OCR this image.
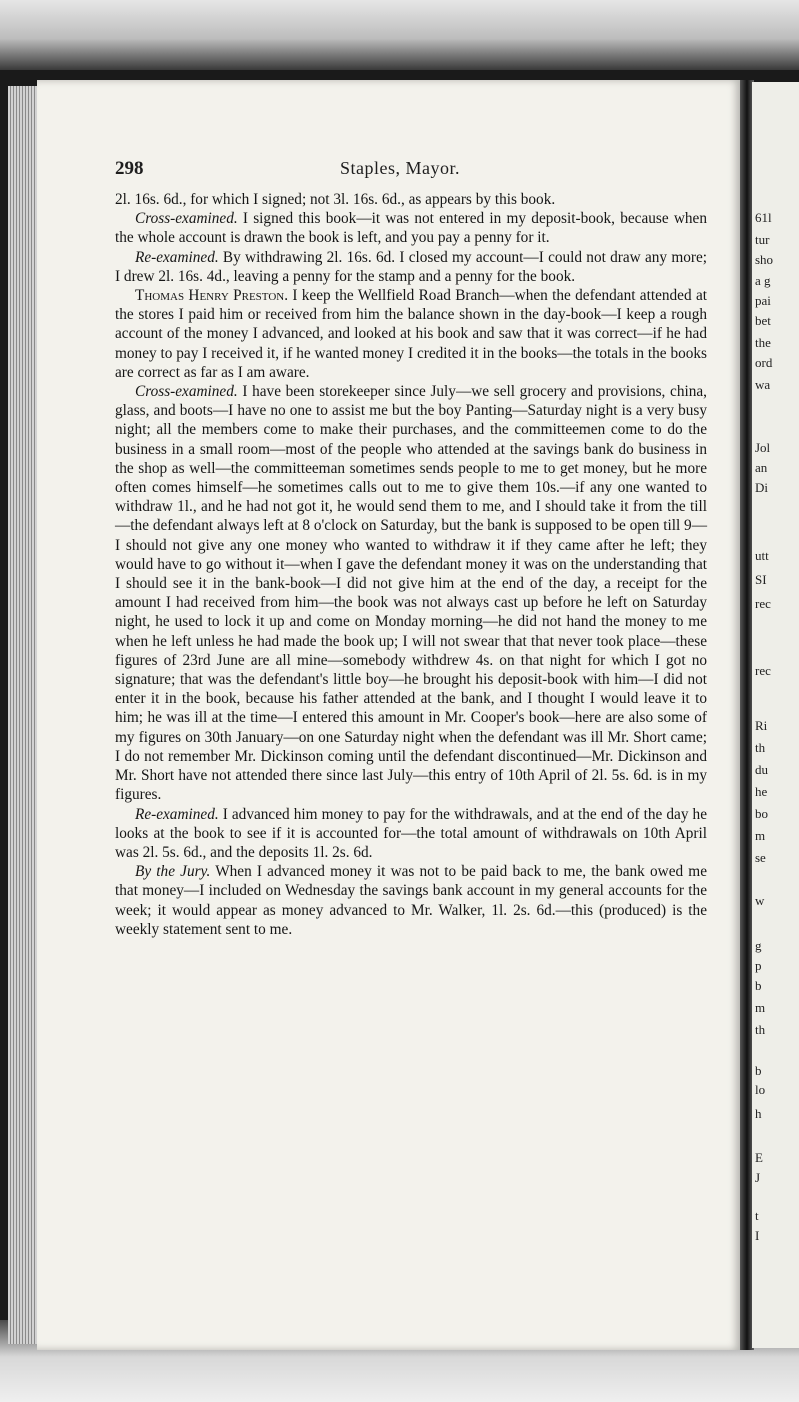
61l

tur

sho

a g

pai

bet

the

ord

wa

Jol

an

Di

utt

SI

rec

rec

Ri

th

du

he

bo

m

se

w

g

p

b

m

th

b

lo

h

E

J

t

I

298	Staples, Mayor.

2l. 16s. 6d., for which I signed; not 3l. 16s. 6d., as appears by this book.

Cross-examined. I signed this book—it was not entered in my deposit-book, because when the whole account is drawn the book is left, and you pay a penny for it.

Re-examined. By withdrawing 2l. 16s. 6d. I closed my account—I could not draw any more; I drew 2l. 16s. 4d., leaving a penny for the stamp and a penny for the book.

Thomas Henry Preston. I keep the Wellfield Road Branch—when the defendant attended at the stores I paid him or received from him the balance shown in the day-book—I keep a rough account of the money I advanced, and looked at his book and saw that it was correct—if he had money to pay I received it, if he wanted money I credited it in the books—the totals in the books are correct as far as I am aware.

Cross-examined. I have been storekeeper since July—we sell grocery and provisions, china, glass, and boots—I have no one to assist me but the boy Panting—Saturday night is a very busy night; all the members come to make their purchases, and the committeemen come to do the business in a small room—most of the people who attended at the savings bank do business in the shop as well—the committeeman sometimes sends people to me to get money, but he more often comes himself—he sometimes calls out to me to give them 10s.—if any one wanted to withdraw 1l., and he had not got it, he would send them to me, and I should take it from the till—the defendant always left at 8 o'clock on Saturday, but the bank is supposed to be open till 9—I should not give any one money who wanted to withdraw it if they came after he left; they would have to go without it—when I gave the defendant money it was on the understanding that I should see it in the bank-book—I did not give him at the end of the day, a receipt for the amount I had received from him—the book was not always cast up before he left on Saturday night, he used to lock it up and come on Monday morning—he did not hand the money to me when he left unless he had made the book up; I will not swear that that never took place—these figures of 23rd June are all mine—somebody withdrew 4s. on that night for which I got no signature; that was the defendant's little boy—he brought his deposit-book with him—I did not enter it in the book, because his father attended at the bank, and I thought I would leave it to him; he was ill at the time—I entered this amount in Mr. Cooper's book—here are also some of my figures on 30th January—on one Saturday night when the defendant was ill Mr. Short came; I do not remember Mr. Dickinson coming until the defendant discontinued—Mr. Dickinson and Mr. Short have not attended there since last July—this entry of 10th April of 2l. 5s. 6d. is in my figures.

Re-examined. I advanced him money to pay for the withdrawals, and at the end of the day he looks at the book to see if it is accounted for—the total amount of withdrawals on 10th April was 2l. 5s. 6d., and the deposits 1l. 2s. 6d.

By the Jury. When I advanced money it was not to be paid back to me, the bank owed me that money—I included on Wednesday the savings bank account in my general accounts for the week; it would appear as money advanced to Mr. Walker, 1l. 2s. 6d.—this (produced) is the weekly statement sent to me.
